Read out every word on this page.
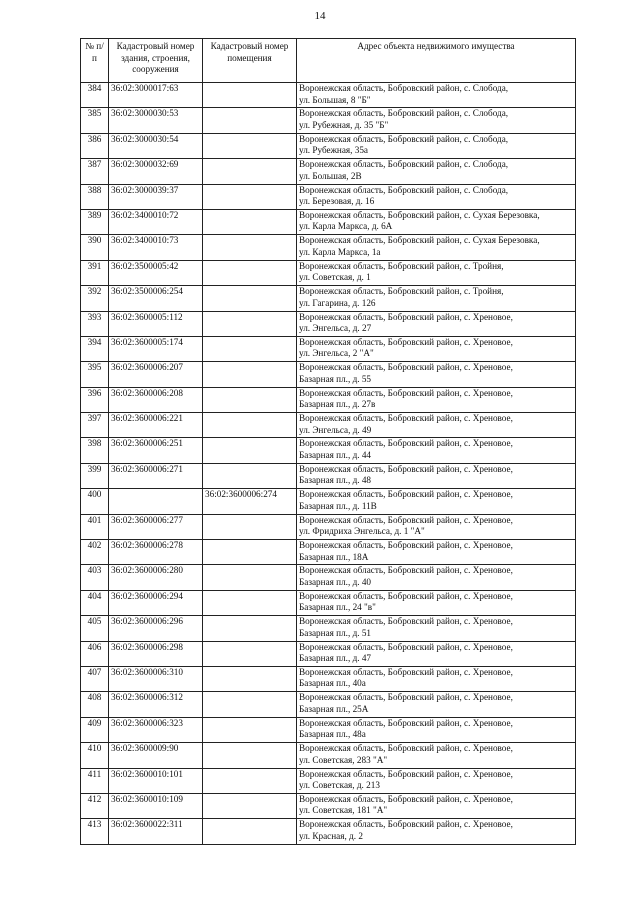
14
№ п/п	Кадастровый номер здания, строения, сооружения	Кадастровый номер помещения	Адрес объекта недвижимого имущества
384	36:02:3000017:63		Воронежская область, Бобровский район, с. Слобода,
ул. Большая, 8 "Б"

385	36:02:3000030:53		Воронежская область, Бобровский район, с. Слобода,
ул. Рубежная, д. 35 "Б"

386	36:02:3000030:54		Воронежская область, Бобровский район, с. Слобода,
ул. Рубежная, 35а

387	36:02:3000032:69		Воронежская область, Бобровский район, с. Слобода,
ул. Большая, 2В

388	36:02:3000039:37		Воронежская область, Бобровский район, с. Слобода,
ул. Березовая, д. 16

389	36:02:3400010:72		Воронежская область, Бобровский район, с. Сухая Березовка,
ул. Карла Маркса, д. 6А

390	36:02:3400010:73		Воронежская область, Бобровский район, с. Сухая Березовка,
ул. Карла Маркса, 1а

391	36:02:3500005:42		Воронежская область, Бобровский район, с. Тройня,
ул. Советская, д. 1

392	36:02:3500006:254		Воронежская область, Бобровский район, с. Тройня,
ул. Гагарина, д. 126

393	36:02:3600005:112		Воронежская область, Бобровский район, с. Хреновое,
ул. Энгельса, д. 27

394	36:02:3600005:174		Воронежская область, Бобровский район, с. Хреновое,
ул. Энгельса, 2 "А"

395	36:02:3600006:207		Воронежская область, Бобровский район, с. Хреновое,
Базарная пл., д. 55

396	36:02:3600006:208		Воронежская область, Бобровский район, с. Хреновое,
Базарная пл., д. 27в

397	36:02:3600006:221		Воронежская область, Бобровский район, с. Хреновое,
ул. Энгельса, д. 49

398	36:02:3600006:251		Воронежская область, Бобровский район, с. Хреновое,
Базарная пл., д. 44

399	36:02:3600006:271		Воронежская область, Бобровский район, с. Хреновое,
Базарная пл., д. 48

400		36:02:3600006:274	Воронежская область, Бобровский район, с. Хреновое,
Базарная пл., д. 11В

401	36:02:3600006:277		Воронежская область, Бобровский район, с. Хреновое,
ул. Фридриха Энгельса, д. 1 "А"

402	36:02:3600006:278		Воронежская область, Бобровский район, с. Хреновое,
Базарная пл., 18А

403	36:02:3600006:280		Воронежская область, Бобровский район, с. Хреновое,
Базарная пл., д. 40

404	36:02:3600006:294		Воронежская область, Бобровский район, с. Хреновое,
Базарная пл., 24 "в"

405	36:02:3600006:296		Воронежская область, Бобровский район, с. Хреновое,
Базарная пл., д. 51

406	36:02:3600006:298		Воронежская область, Бобровский район, с. Хреновое,
Базарная пл., д. 47

407	36:02:3600006:310		Воронежская область, Бобровский район, с. Хреновое,
Базарная пл., 40а

408	36:02:3600006:312		Воронежская область, Бобровский район, с. Хреновое,
Базарная пл., 25А

409	36:02:3600006:323		Воронежская область, Бобровский район, с. Хреновое,
Базарная пл., 48а

410	36:02:3600009:90		Воронежская область, Бобровский район, с. Хреновое,
ул. Советская, 283 "А"

411	36:02:3600010:101		Воронежская область, Бобровский район, с. Хреновое,
ул. Советская, д. 213

412	36:02:3600010:109		Воронежская область, Бобровский район, с. Хреновое,
ул. Советская, 181 "А"

413	36:02:3600022:311		Воронежская область, Бобровский район, с. Хреновое,
ул. Красная, д. 2
